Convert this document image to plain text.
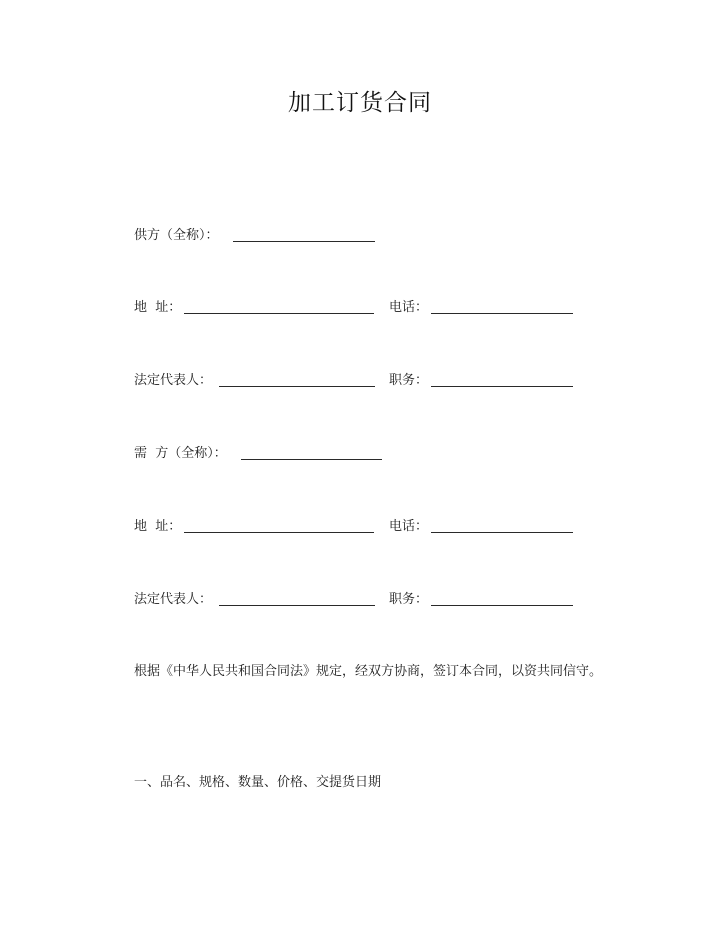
加工订货合同
供方（全称）：
地  址：	电话：
法定代表人：	职务：
需  方（全称）：
地  址：	电话：
法定代表人：	职务：
根据《中华人民共和国合同法》规定，经双方协商，签订本合同，以资共同信守。
一、品名、规格、数量、价格、交提货日期
